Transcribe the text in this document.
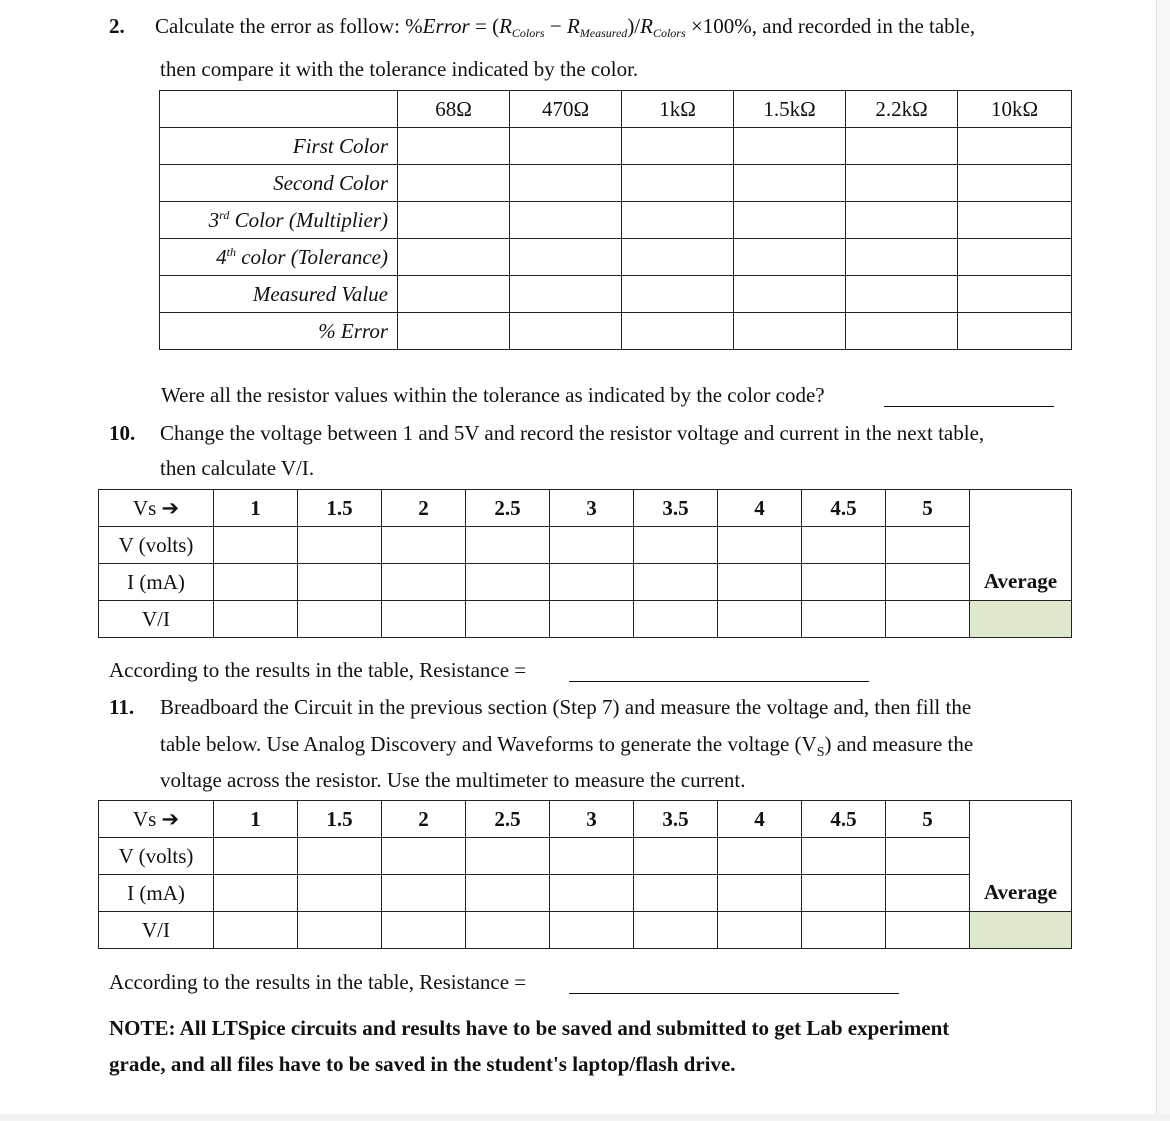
2. Calculate the error as follow: %Error = $(R_{Colors} - R_{Measured})/R_{Colors} \times 100\%$, and recorded in the table,
then compare it with the tolerance indicated by the color.
	68Ω	470Ω	1kΩ	1.5kΩ	2.2kΩ	10kΩ
First Color						
Second Color						
3rd Color (Multiplier)						
4th color (Tolerance)						
Measured Value						
% Error						
Were all the resistor values within the tolerance as indicated by the color code?
10. Change the voltage between 1 and 5V and record the resistor voltage and current in the next table,
then calculate V/I.
Vs ➔	1	1.5	2	2.5	3	3.5	4	4.5	5	
V (volts)										
I (mA)										Average
V/I										
According to the results in the table, Resistance =
11. Breadboard the Circuit in the previous section (Step 7) and measure the voltage and, then fill the
table below. Use Analog Discovery and Waveforms to generate the voltage $(V_S)$ and measure the
voltage across the resistor. Use the multimeter to measure the current.
Vs ➔	1	1.5	2	2.5	3	3.5	4	4.5	5	
V (volts)										
I (mA)										Average
V/I										
According to the results in the table, Resistance =
NOTE: All LTSpice circuits and results have to be saved and submitted to get Lab experiment
grade, and all files have to be saved in the student's laptop/flash drive.
